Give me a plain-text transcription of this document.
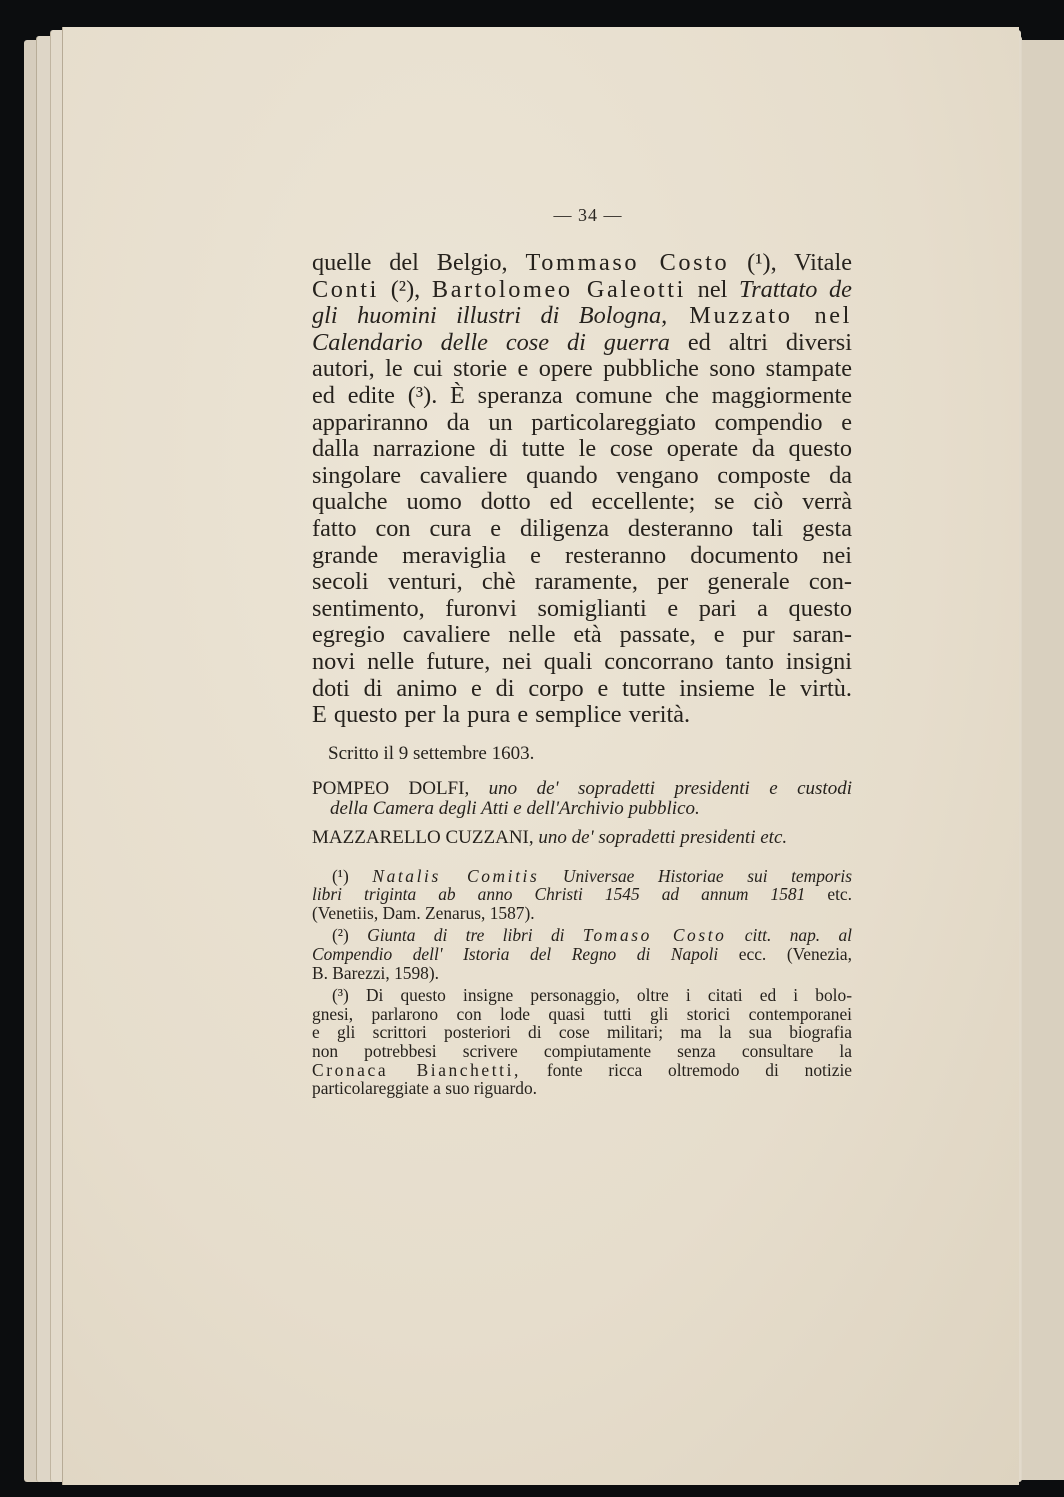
— 34 —
quelle del Belgio, Tommaso Costo (¹), Vitale
Conti (²), Bartolomeo Galeotti nel Trattato de
gli huomini illustri di Bologna, Muzzato nel
Calendario delle cose di guerra ed altri diversi
autori, le cui storie e opere pubbliche sono stampate
ed edite (³). È speranza comune che maggiormente
appariranno da un particolareggiato compendio e
dalla narrazione di tutte le cose operate da questo
singolare cavaliere quando vengano composte da
qualche uomo dotto ed eccellente; se ciò verrà
fatto con cura e diligenza desteranno tali gesta
grande meraviglia e resteranno documento nei
secoli venturi, chè raramente, per generale con-
sentimento, furonvi somiglianti e pari a questo
egregio cavaliere nelle età passate, e pur saran-
novi nelle future, nei quali concorrano tanto insigni
doti di animo e di corpo e tutte insieme le virtù.
E questo per la pura e semplice verità.
Scritto il 9 settembre 1603.
POMPEO DOLFI, uno de' sopradetti presidenti e custodi
della Camera degli Atti e dell'Archivio pubblico.
MAZZARELLO CUZZANI, uno de' sopradetti presidenti etc.
(¹) Natalis Comitis Universae Historiae sui temporis
libri triginta ab anno Christi 1545 ad annum 1581 etc.
(Venetiis, Dam. Zenarus, 1587).
(²) Giunta di tre libri di Tomaso Costo citt. nap. al
Compendio dell' Istoria del Regno di Napoli ecc. (Venezia,
B. Barezzi, 1598).
(³) Di questo insigne personaggio, oltre i citati ed i bolo-
gnesi, parlarono con lode quasi tutti gli storici contemporanei
e gli scrittori posteriori di cose militari; ma la sua biografia
non potrebbesi scrivere compiutamente senza consultare la
Cronaca Bianchetti, fonte ricca oltremodo di notizie
particolareggiate a suo riguardo.
